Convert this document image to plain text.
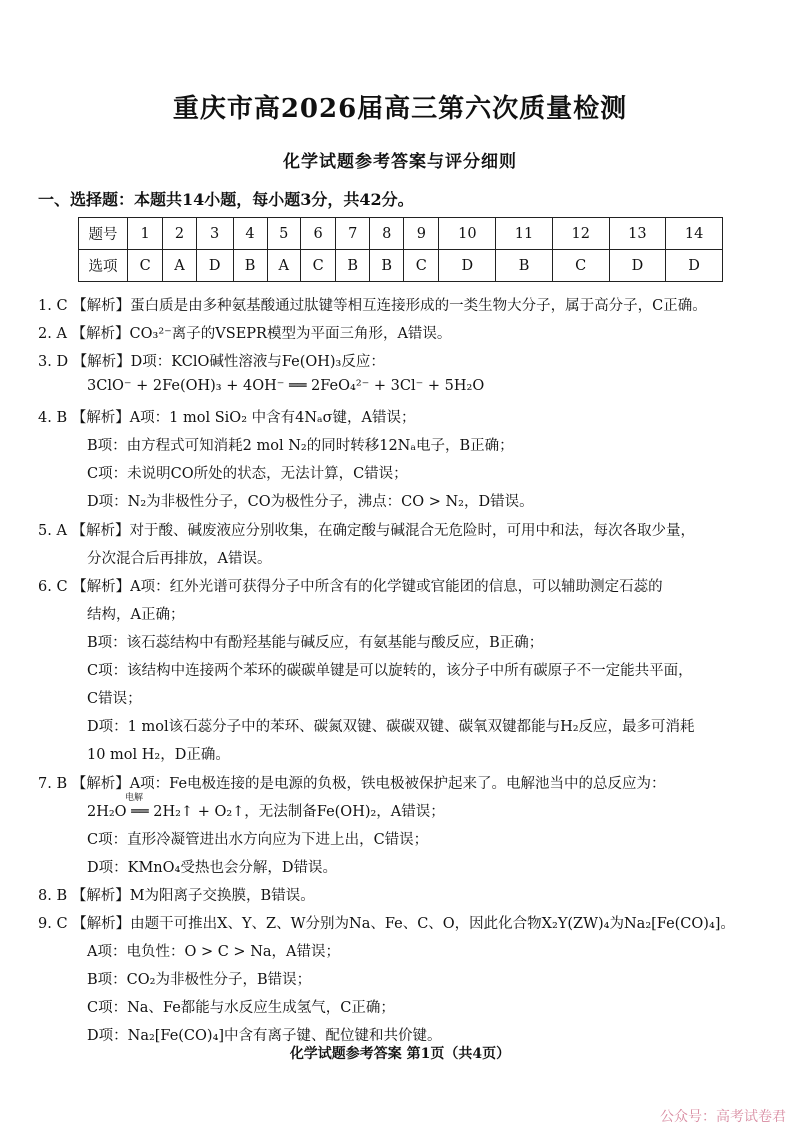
重庆市高2026届高三第六次质量检测
化学试题参考答案与评分细则
一、选择题：本题共14小题，每小题3分，共42分。
题号	1	2	3	4	5	6	7	8	9	10	11	12	13	14
选项	C	A	D	B	A	C	B	B	C	D	B	C	D	D
1. C 【解析】蛋白质是由多种氨基酸通过肽键等相互连接形成的一类生物大分子，属于高分子，C正确。
2. A 【解析】CO₃²⁻离子的VSEPR模型为平面三角形，A错误。
3. D 【解析】D项：KClO碱性溶液与Fe(OH)₃反应：
3ClO⁻ + 2Fe(OH)₃ + 4OH⁻ ══ 2FeO₄²⁻ + 3Cl⁻ + 5H₂O
4. B 【解析】A项：1 mol SiO₂ 中含有4Nₐσ键，A错误；
B项：由方程式可知消耗2 mol N₂的同时转移12Nₐ电子，B正确；
C项：未说明CO所处的状态，无法计算，C错误；
D项：N₂为非极性分子，CO为极性分子，沸点：CO > N₂，D错误。
5. A 【解析】对于酸、碱废液应分别收集，在确定酸与碱混合无危险时，可用中和法，每次各取少量，
分次混合后再排放，A错误。
6. C 【解析】A项：红外光谱可获得分子中所含有的化学键或官能团的信息，可以辅助测定石蕊的
结构，A正确；
B项：该石蕊结构中有酚羟基能与碱反应，有氨基能与酸反应，B正确；
C项：该结构中连接两个苯环的碳碳单键是可以旋转的，该分子中所有碳原子不一定能共平面，
C错误；
D项：1 mol该石蕊分子中的苯环、碳氮双键、碳碳双键、碳氧双键都能与H₂反应，最多可消耗
10 mol H₂，D正确。
7. B 【解析】A项：Fe电极连接的是电源的负极，铁电极被保护起来了。电解池当中的总反应为：
电解
2H₂O ══ 2H₂↑ + O₂↑，无法制备Fe(OH)₂，A错误；
C项：直形冷凝管进出水方向应为下进上出，C错误；
D项：KMnO₄受热也会分解，D错误。
8. B 【解析】M为阳离子交换膜，B错误。
9. C 【解析】由题干可推出X、Y、Z、W分别为Na、Fe、C、O，因此化合物X₂Y(ZW)₄为Na₂[Fe(CO)₄]。
A项：电负性：O > C > Na，A错误；
B项：CO₂为非极性分子，B错误；
C项：Na、Fe都能与水反应生成氢气，C正确；
D项：Na₂[Fe(CO)₄]中含有离子键、配位键和共价键。
化学试题参考答案 第1页（共4页）
公众号：高考试卷君
